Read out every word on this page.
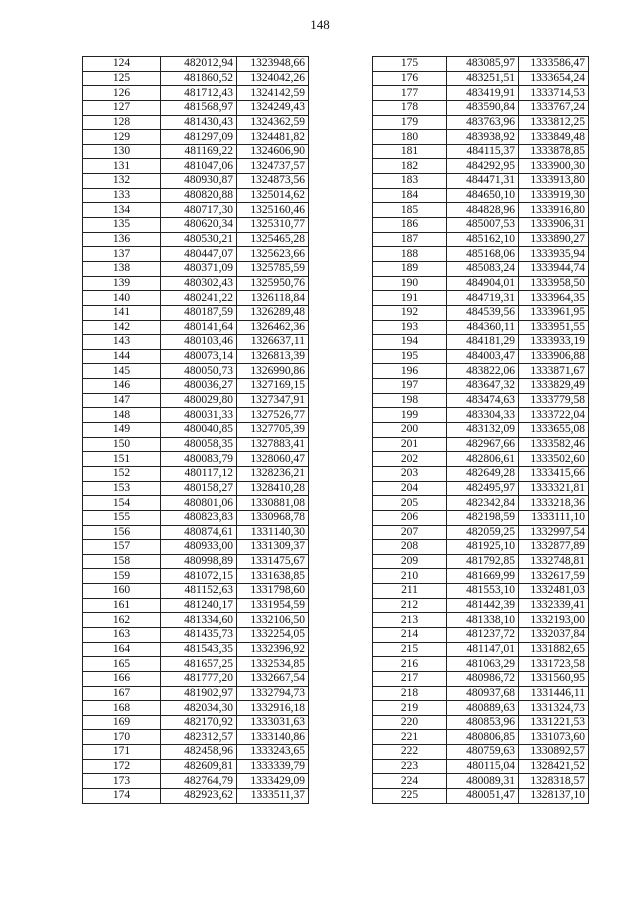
148
124	482012,94	1323948,66
125	481860,52	1324042,26
126	481712,43	1324142,59
127	481568,97	1324249,43
128	481430,43	1324362,59
129	481297,09	1324481,82
130	481169,22	1324606,90
131	481047,06	1324737,57
132	480930,87	1324873,56
133	480820,88	1325014,62
134	480717,30	1325160,46
135	480620,34	1325310,77
136	480530,21	1325465,28
137	480447,07	1325623,66
138	480371,09	1325785,59
139	480302,43	1325950,76
140	480241,22	1326118,84
141	480187,59	1326289,48
142	480141,64	1326462,36
143	480103,46	1326637,11
144	480073,14	1326813,39
145	480050,73	1326990,86
146	480036,27	1327169,15
147	480029,80	1327347,91
148	480031,33	1327526,77
149	480040,85	1327705,39
150	480058,35	1327883,41
151	480083,79	1328060,47
152	480117,12	1328236,21
153	480158,27	1328410,28
154	480801,06	1330881,08
155	480823,83	1330968,78
156	480874,61	1331140,30
157	480933,00	1331309,37
158	480998,89	1331475,67
159	481072,15	1331638,85
160	481152,63	1331798,60
161	481240,17	1331954,59
162	481334,60	1332106,50
163	481435,73	1332254,05
164	481543,35	1332396,92
165	481657,25	1332534,85
166	481777,20	1332667,54
167	481902,97	1332794,73
168	482034,30	1332916,18
169	482170,92	1333031,63
170	482312,57	1333140,86
171	482458,96	1333243,65
172	482609,81	1333339,79
173	482764,79	1333429,09
174	482923,62	1333511,37
175	483085,97	1333586,47
176	483251,51	1333654,24
177	483419,91	1333714,53
178	483590,84	1333767,24
179	483763,96	1333812,25
180	483938,92	1333849,48
181	484115,37	1333878,85
182	484292,95	1333900,30
183	484471,31	1333913,80
184	484650,10	1333919,30
185	484828,96	1333916,80
186	485007,53	1333906,31
187	485162,10	1333890,27
188	485168,06	1333935,94
189	485083,24	1333944,74
190	484904,01	1333958,50
191	484719,31	1333964,35
192	484539,56	1333961,95
193	484360,11	1333951,55
194	484181,29	1333933,19
195	484003,47	1333906,88
196	483822,06	1333871,67
197	483647,32	1333829,49
198	483474,63	1333779,58
199	483304,33	1333722,04
200	483132,09	1333655,08
201	482967,66	1333582,46
202	482806,61	1333502,60
203	482649,28	1333415,66
204	482495,97	1333321,81
205	482342,84	1333218,36
206	482198,59	1333111,10
207	482059,25	1332997,54
208	481925,10	1332877,89
209	481792,85	1332748,81
210	481669,99	1332617,59
211	481553,10	1332481,03
212	481442,39	1332339,41
213	481338,10	1332193,00
214	481237,72	1332037,84
215	481147,01	1331882,65
216	481063,29	1331723,58
217	480986,72	1331560,95
218	480937,68	1331446,11
219	480889,63	1331324,73
220	480853,96	1331221,53
221	480806,85	1331073,60
222	480759,63	1330892,57
223	480115,04	1328421,52
224	480089,31	1328318,57
225	480051,47	1328137,10
